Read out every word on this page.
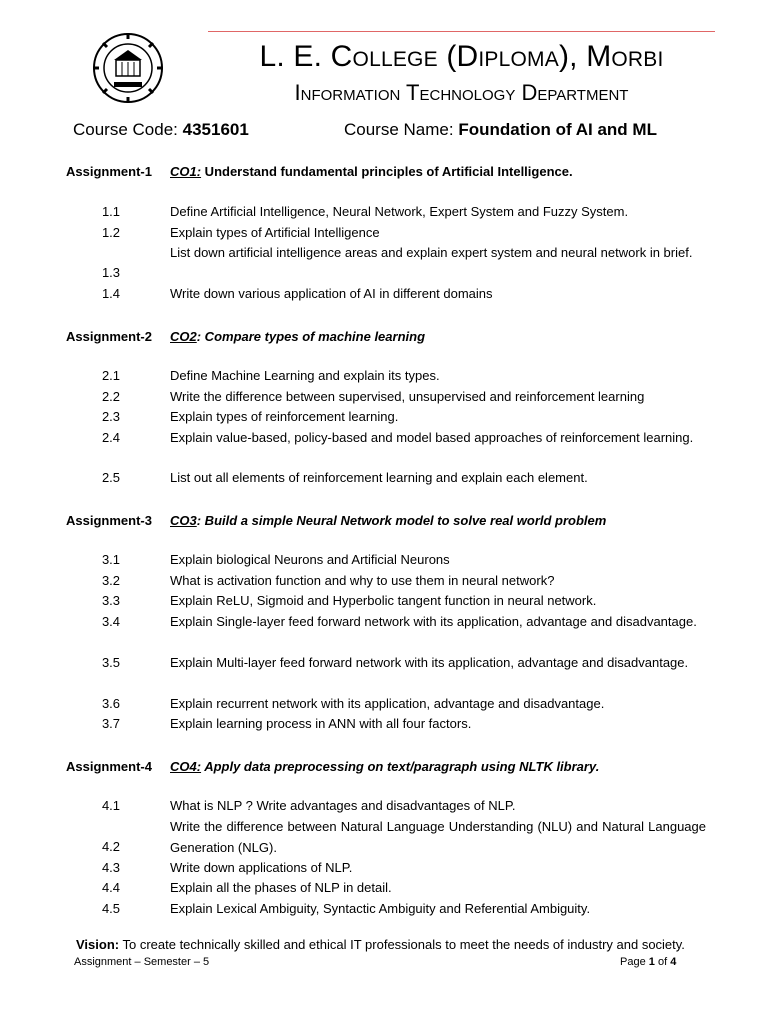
L. E. College (Diploma), Morbi
Information Technology Department
Course Code: 4351601	Course Name: Foundation of AI and ML
Assignment-1 CO1: Understand fundamental principles of Artificial Intelligence.
1.1	Define Artificial Intelligence, Neural Network, Expert System and Fuzzy System.
1.2	Explain types of Artificial Intelligence
1.3
List down artificial intelligence areas and explain expert system and neural network in brief.
1.4	Write down various application of AI in different domains
Assignment-2 CO2: Compare types of machine learning
2.1	Define Machine Learning and explain its types.
2.2	Write the difference between supervised, unsupervised and reinforcement learning
2.3	Explain types of reinforcement learning.
2.4	Explain value-based, policy-based and model based approaches of reinforcement learning.
2.5	List out all elements of reinforcement learning and explain each element.
Assignment-3 CO3: Build a simple Neural Network model to solve real world problem
3.1	Explain biological Neurons and Artificial Neurons
3.2	What is activation function and why to use them in neural network?
3.3	Explain ReLU, Sigmoid and Hyperbolic tangent function in neural network.
3.4	Explain Single-layer feed forward network with its application, advantage and disadvantage.
3.5	Explain Multi-layer feed forward network with its application, advantage and disadvantage.
3.6	Explain recurrent network with its application, advantage and disadvantage.
3.7	Explain learning process in ANN with all four factors.
Assignment-4 CO4: Apply data preprocessing on text/paragraph using NLTK library.
4.1	What is NLP ? Write advantages and disadvantages of NLP.
4.2
Write the difference between Natural Language Understanding (NLU) and Natural Language Generation (NLG).
4.3	Write down applications of NLP.
4.4	Explain all the phases of NLP in detail.
4.5	Explain Lexical Ambiguity, Syntactic Ambiguity and Referential Ambiguity.
Vision: To create technically skilled and ethical IT professionals to meet the needs of industry and society.
Assignment – Semester – 5	Page 1 of 4
